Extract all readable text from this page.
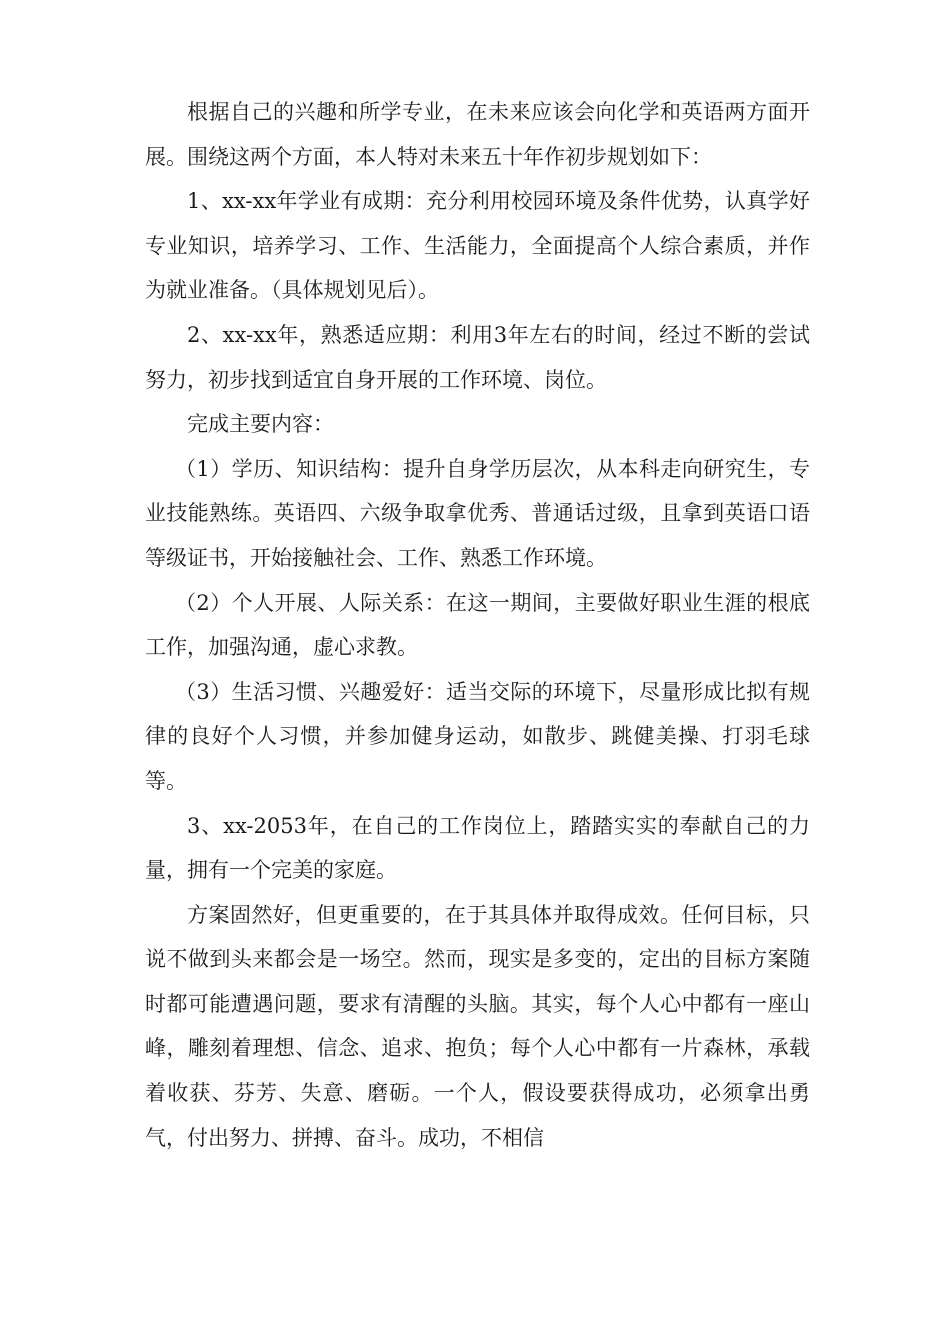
根据自己的兴趣和所学专业，在未来应该会向化学和英语两方面开展。围绕这两个方面，本人特对未来五十年作初步规划如下：

1、xx-xx年学业有成期：充分利用校园环境及条件优势，认真学好专业知识，培养学习、工作、生活能力，全面提高个人综合素质，并作为就业准备。（具体规划见后）。

2、xx-xx年，熟悉适应期：利用3年左右的时间，经过不断的尝试努力，初步找到适宜自身开展的工作环境、岗位。

完成主要内容：

（1）学历、知识结构：提升自身学历层次，从本科走向研究生，专业技能熟练。英语四、六级争取拿优秀、普通话过级，且拿到英语口语等级证书，开始接触社会、工作、熟悉工作环境。

（2）个人开展、人际关系：在这一期间，主要做好职业生涯的根底工作，加强沟通，虚心求教。

（3）生活习惯、兴趣爱好：适当交际的环境下，尽量形成比拟有规律的良好个人习惯，并参加健身运动，如散步、跳健美操、打羽毛球等。

3、xx-2053年，在自己的工作岗位上，踏踏实实的奉献自己的力量，拥有一个完美的家庭。

方案固然好，但更重要的，在于其具体并取得成效。任何目标，只说不做到头来都会是一场空。然而，现实是多变的，定出的目标方案随时都可能遭遇问题，要求有清醒的头脑。其实，每个人心中都有一座山峰，雕刻着理想、信念、追求、抱负；每个人心中都有一片森林，承载着收获、芬芳、失意、磨砺。一个人，假设要获得成功，必须拿出勇气，付出努力、拼搏、奋斗。成功，不相信
